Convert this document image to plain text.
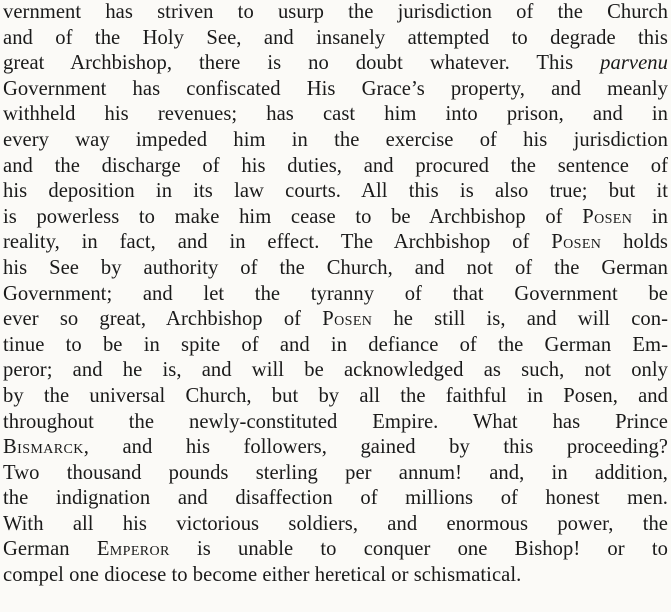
vernment has striven to usurp the jurisdiction of the Church
and of the Holy See, and insanely attempted to degrade this
great Archbishop, there is no doubt whatever. This parvenu
Government has confiscated His Grace’s property, and meanly
withheld his revenues; has cast him into prison, and in
every way impeded him in the exercise of his jurisdiction
and the discharge of his duties, and procured the sentence of
his deposition in its law courts. All this is also true; but it
is powerless to make him cease to be Archbishop of Posen in
reality, in fact, and in effect. The Archbishop of Posen holds
his See by authority of the Church, and not of the German
Government; and let the tyranny of that Government be
ever so great, Archbishop of Posen he still is, and will con-
tinue to be in spite of and in defiance of the German Em-
peror; and he is, and will be acknowledged as such, not only
by the universal Church, but by all the faithful in Posen, and
throughout the newly-constituted Empire. What has Prince
Bismarck, and his followers, gained by this proceeding?
Two thousand pounds sterling per annum! and, in addition,
the indignation and disaffection of millions of honest men.
With all his victorious soldiers, and enormous power, the
German Emperor is unable to conquer one Bishop! or to
compel one diocese to become either heretical or schismatical.
